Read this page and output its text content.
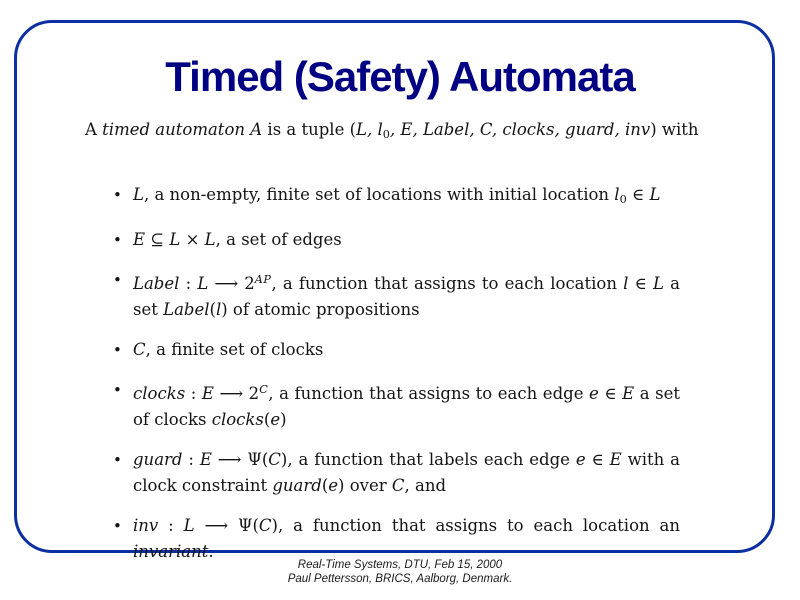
Timed (Safety) Automata

A timed automaton A is a tuple (L, l0, E, Label, C, clocks, guard, inv) with

• L, a non-empty, finite set of locations with initial location l0 ∈ L
• E ⊆ L × L, a set of edges
• Label : L ⟶ $2^{AP}$, a function that assigns to each location l ∈ L a set Label(l) of atomic propositions
• C, a finite set of clocks
• clocks : E ⟶ $2^C$, a function that assigns to each edge e ∈ E a set of clocks clocks(e)
• guard : E ⟶ Ψ(C), a function that labels each edge e ∈ E with a clock constraint guard(e) over C, and
• inv : L ⟶ Ψ(C), a function that assigns to each location an invariant.
Real-Time Systems, DTU, Feb 15, 2000
Paul Pettersson, BRICS, Aalborg, Denmark.
